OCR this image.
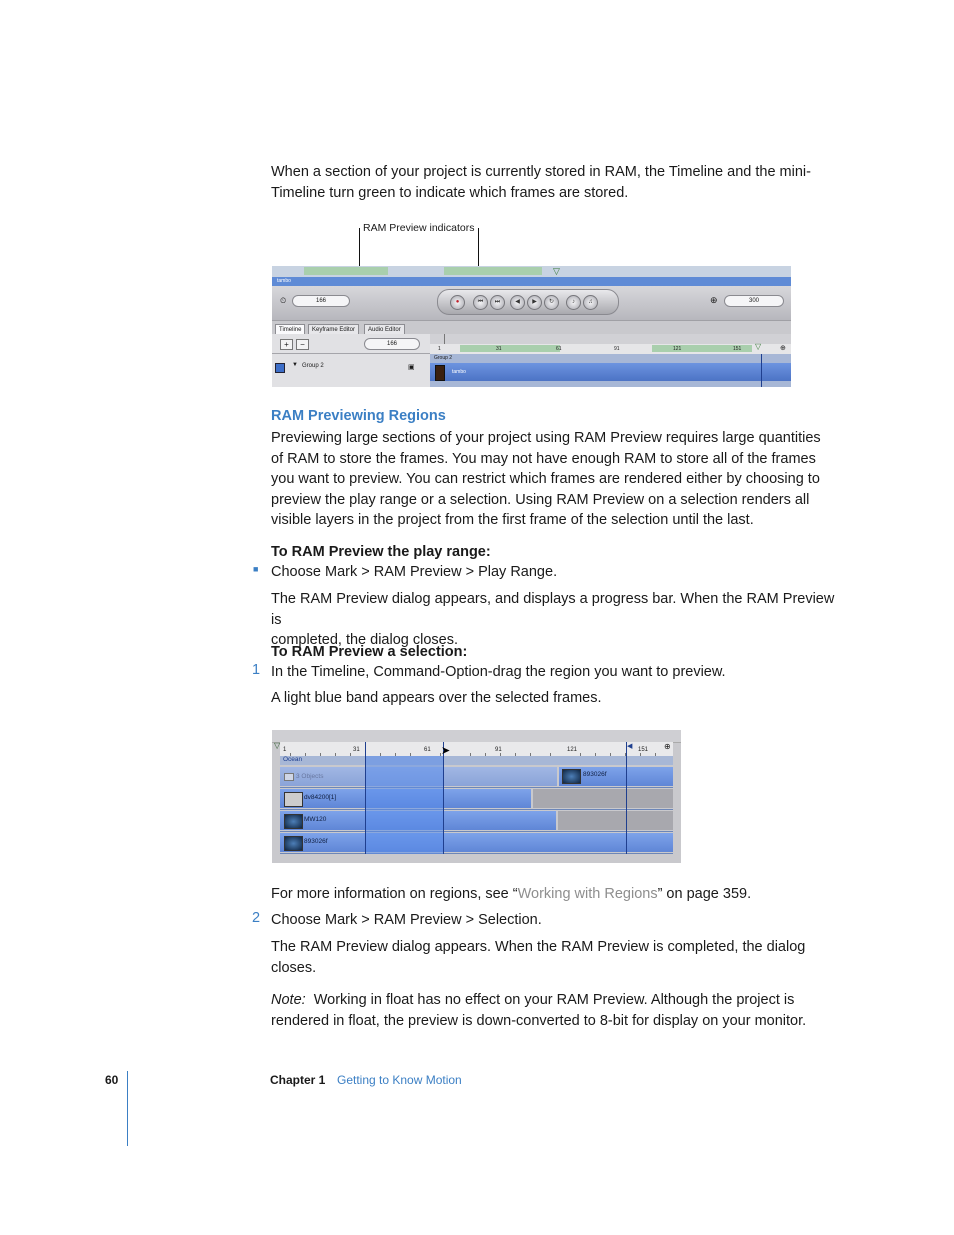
When a section of your project is currently stored in RAM, the Timeline and the mini-
Timeline turn green to indicate which frames are stored.
RAM Preview indicators
▽
tambo
⏲	166	●	⏮	⏭	◀	▶	↻	♪	♫	⊕	300
Timeline	Keyframe Editor	Audio Editor
+	−	166
▼ Group 2	▣
1	31	61	91	121	151 ▽	⊕
Group 2
tambo
RAM Previewing Regions
Previewing large sections of your project using RAM Preview requires large quantities
of RAM to store the frames. You may not have enough RAM to store all of the frames
you want to preview. You can restrict which frames are rendered either by choosing to
preview the play range or a selection. Using RAM Preview on a selection renders all
visible layers in the project from the first frame of the selection until the last.
To RAM Preview the play range:
■ Choose Mark > RAM Preview > Play Range.
The RAM Preview dialog appears, and displays a progress bar. When the RAM Preview is
completed, the dialog closes.
To RAM Preview a selection:
1 In the Timeline, Command-Option-drag the region you want to preview.
A light blue band appears over the selected frames.
1	31	61	91	121	151
▽	◀	⊕
Ocean
3 Objects	893026f
dv84200[1]
MW120
893026f
➤
For more information on regions, see “Working with Regions” on page 359.
2 Choose Mark > RAM Preview > Selection.
The RAM Preview dialog appears. When the RAM Preview is completed, the dialog
closes.
Note: Working in float has no effect on your RAM Preview. Although the project is
rendered in float, the preview is down-converted to 8-bit for display on your monitor.
60	Chapter 1 Getting to Know Motion
